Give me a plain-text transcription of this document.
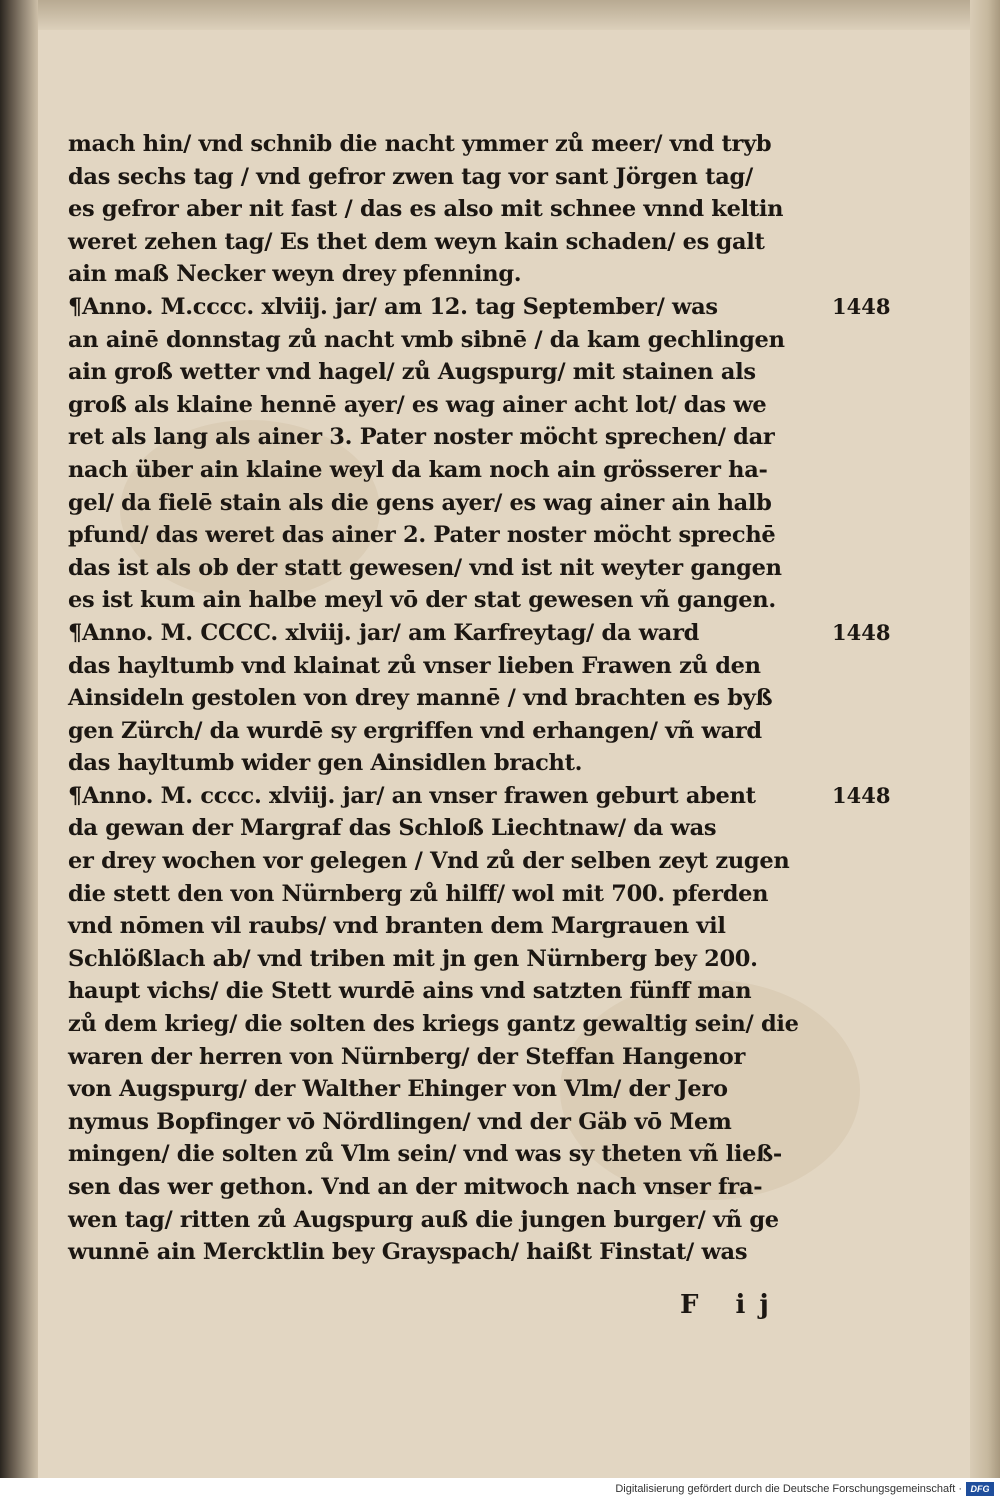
mach hin/ vnd schnib die nacht ymmer zů meer/ vnd tryb
das sechs tag / vnd gefror zwen tag vor sant Jörgen tag/
es gefror aber nit fast / das es also mit schnee vnnd keltin
weret zehen tag/ Es thet dem weyn kain schaden/ es galt
ain maß Necker weyn drey pfenning.
¶Anno. M.cccc. xlviij. jar/ am 12. tag September/ was
an ainē donnstag zů nacht vmb sibnē / da kam gechlingen
ain groß wetter vnd hagel/ zů Augspurg/ mit stainen als
groß als klaine hennē ayer/ es wag ainer acht lot/ das we
ret als lang als ainer 3. Pater noster möcht sprechen/ dar
nach über ain klaine weyl da kam noch ain grösserer ha-
gel/ da fielē stain als die gens ayer/ es wag ainer ain halb
pfund/ das weret das ainer 2. Pater noster möcht sprechē
das ist als ob der statt gewesen/ vnd ist nit weyter gangen
es ist kum ain halbe meyl vō der stat gewesen vñ gangen.
¶Anno. M. CCCC. xlviij. jar/ am Karfreytag/ da ward
das hayltumb vnd klainat zů vnser lieben Frawen zů den
Ainsideln gestolen von drey mannē / vnd brachten es byß
gen Zürch/ da wurdē sy ergriffen vnd erhangen/ vñ ward
das hayltumb wider gen Ainsidlen bracht.
¶Anno. M. cccc. xlviij. jar/ an vnser frawen geburt abent
da gewan der Margraf das Schloß Liechtnaw/ da was
er drey wochen vor gelegen / Vnd zů der selben zeyt zugen
die stett den von Nürnberg zů hilff/ wol mit 700. pferden
vnd nōmen vil raubs/ vnd branten dem Margrauen vil
Schlößlach ab/ vnd triben mit jn gen Nürnberg bey 200.
haupt vichs/ die Stett wurdē ains vnd satzten fünff man
zů dem krieg/ die solten des kriegs gantz gewaltig sein/ die
waren der herren von Nürnberg/ der Steffan Hangenor
von Augspurg/ der Walther Ehinger von Vlm/ der Jero
nymus Bopfinger vō Nördlingen/ vnd der Gäb vō Mem
mingen/ die solten zů Vlm sein/ vnd was sy theten vñ ließ-
sen das wer gethon. Vnd an der mitwoch nach vnser fra-
wen tag/ ritten zů Augspurg auß die jungen burger/ vñ ge
wunnē ain Mercktlin bey Grayspach/ haißt Finstat/ was
1448
1448
1448
F ij
Digitalisierung gefördert durch die Deutsche Forschungsgemeinschaft · DFG
